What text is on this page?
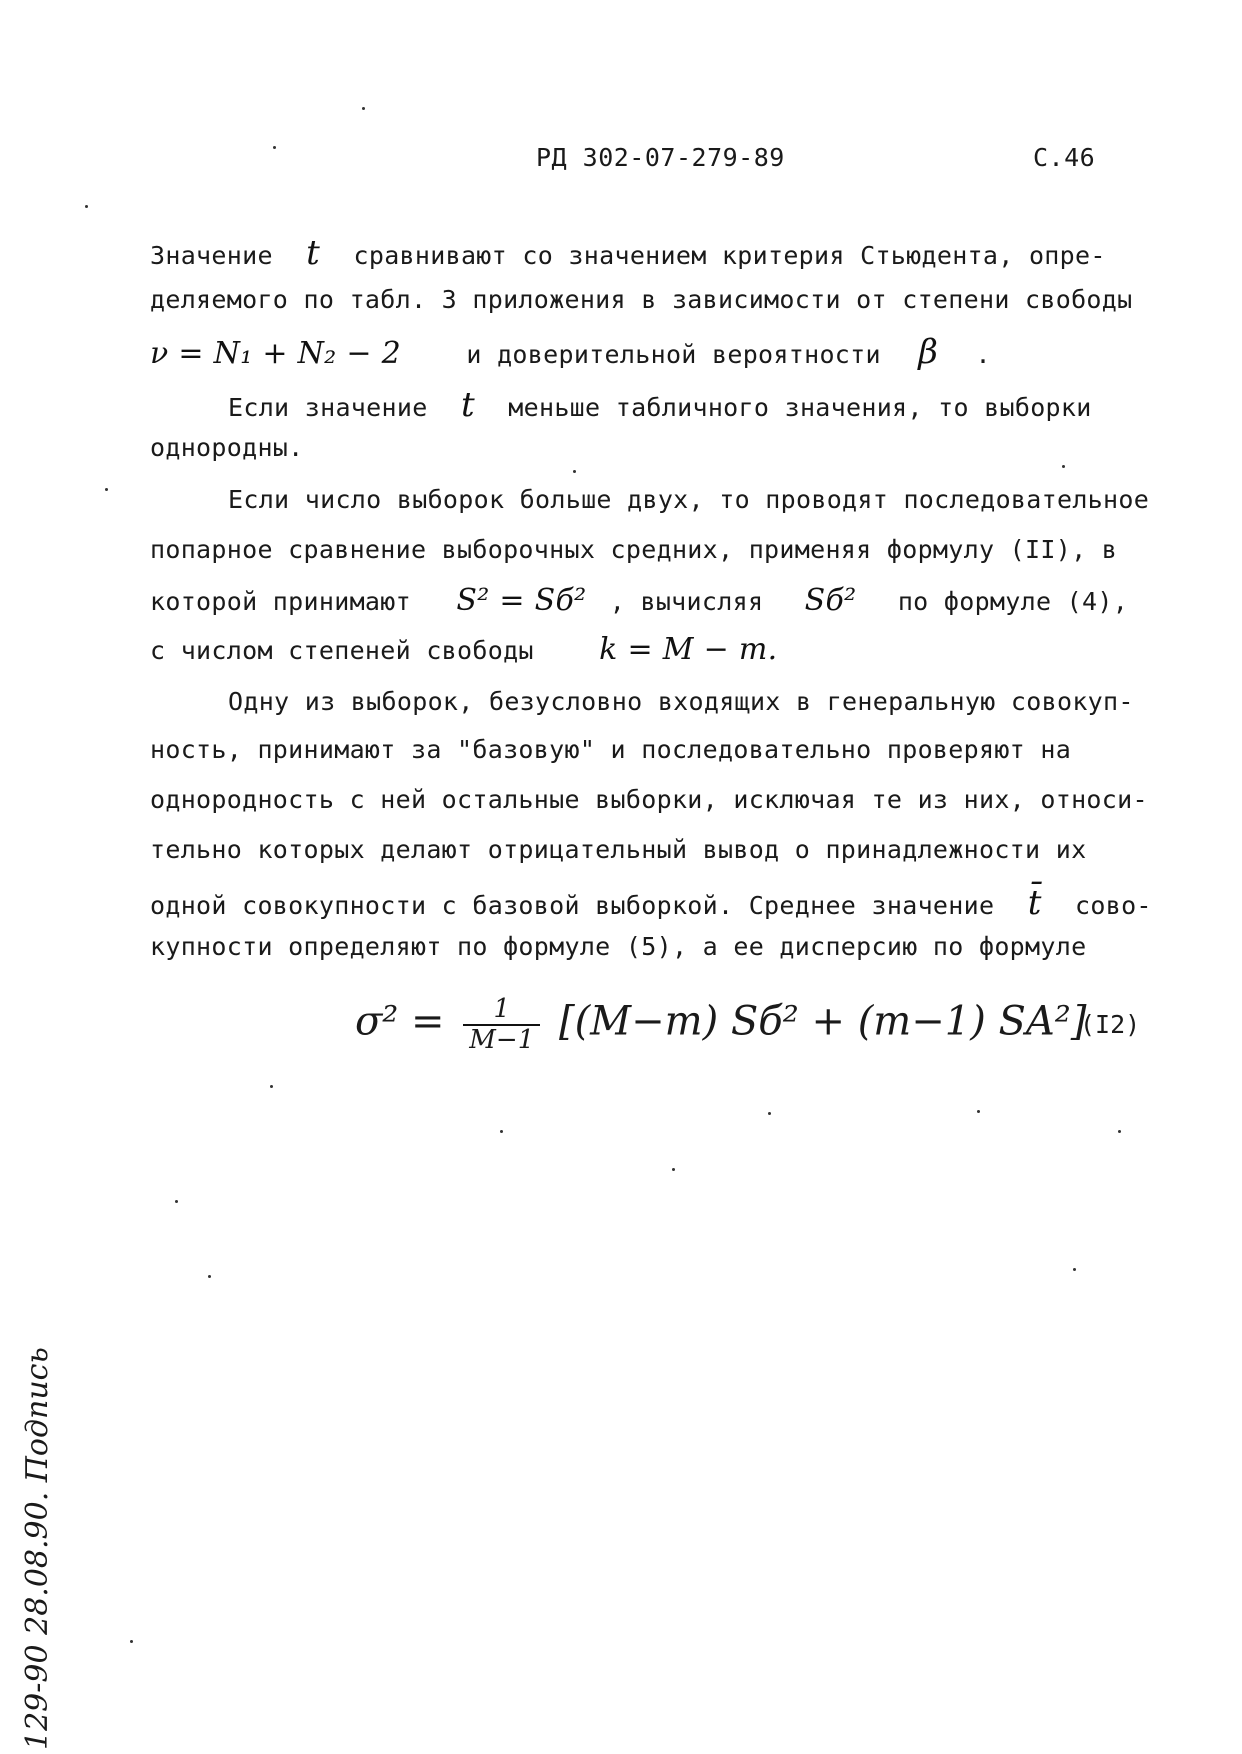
РД 302-07-279-89	С.46
Значение t сравнивают со значением критерия Стьюдента, опре-
деляемого по табл. 3 приложения в зависимости от степени свободы
ν = N₁ + N₂ − 2	и доверительной вероятности β .
Если значение t меньше табличного значения, то выборки
однородны.
Если число выборок больше двух, то проводят последовательное
попарное сравнение выборочных средних, применяя формулу (II), в
которой принимают S² = Sб² , вычисляя Sб² по формуле (4),
с числом степеней свободы k = M − m.
Одну из выборок, безусловно входящих в генеральную совокуп-
ность, принимают за "базовую" и последовательно проверяют на
однородность с ней остальные выборки, исключая те из них, относи-
тельно которых делают отрицательный вывод о принадлежности их
одной совокупности с базовой выборкой. Среднее значение t̄ сово-
купности определяют по формуле (5), а ее дисперсию по формуле
$\sigma^2 = \frac{1}{M-1} [(M-m) Sб^2 + (m-1)$ SA²]
(I2)
129-90 28.08.90. Подпись
